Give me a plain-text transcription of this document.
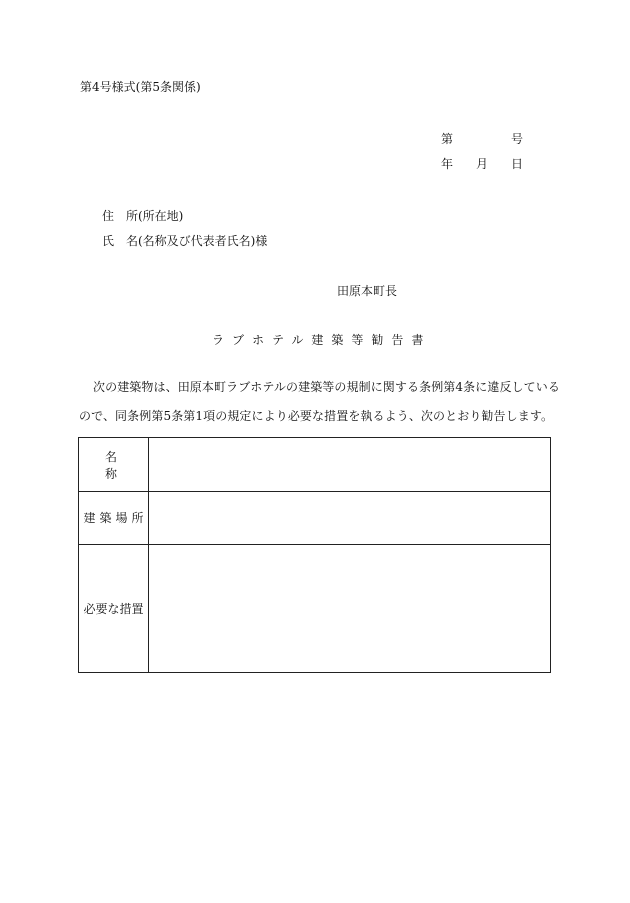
第4号様式(第5条関係)
第	号
年 月 日
住　所(所在地)
氏　名(名称及び代表者氏名)様
田原本町長
ラブホテル建築等勧告書
次の建築物は、田原本町ラブホテルの建築等の規制に関する条例第4条に違反している
ので、同条例第5条第1項の規定により必要な措置を執るよう、次のとおり勧告します。
名称
建築場所
必要な措置
